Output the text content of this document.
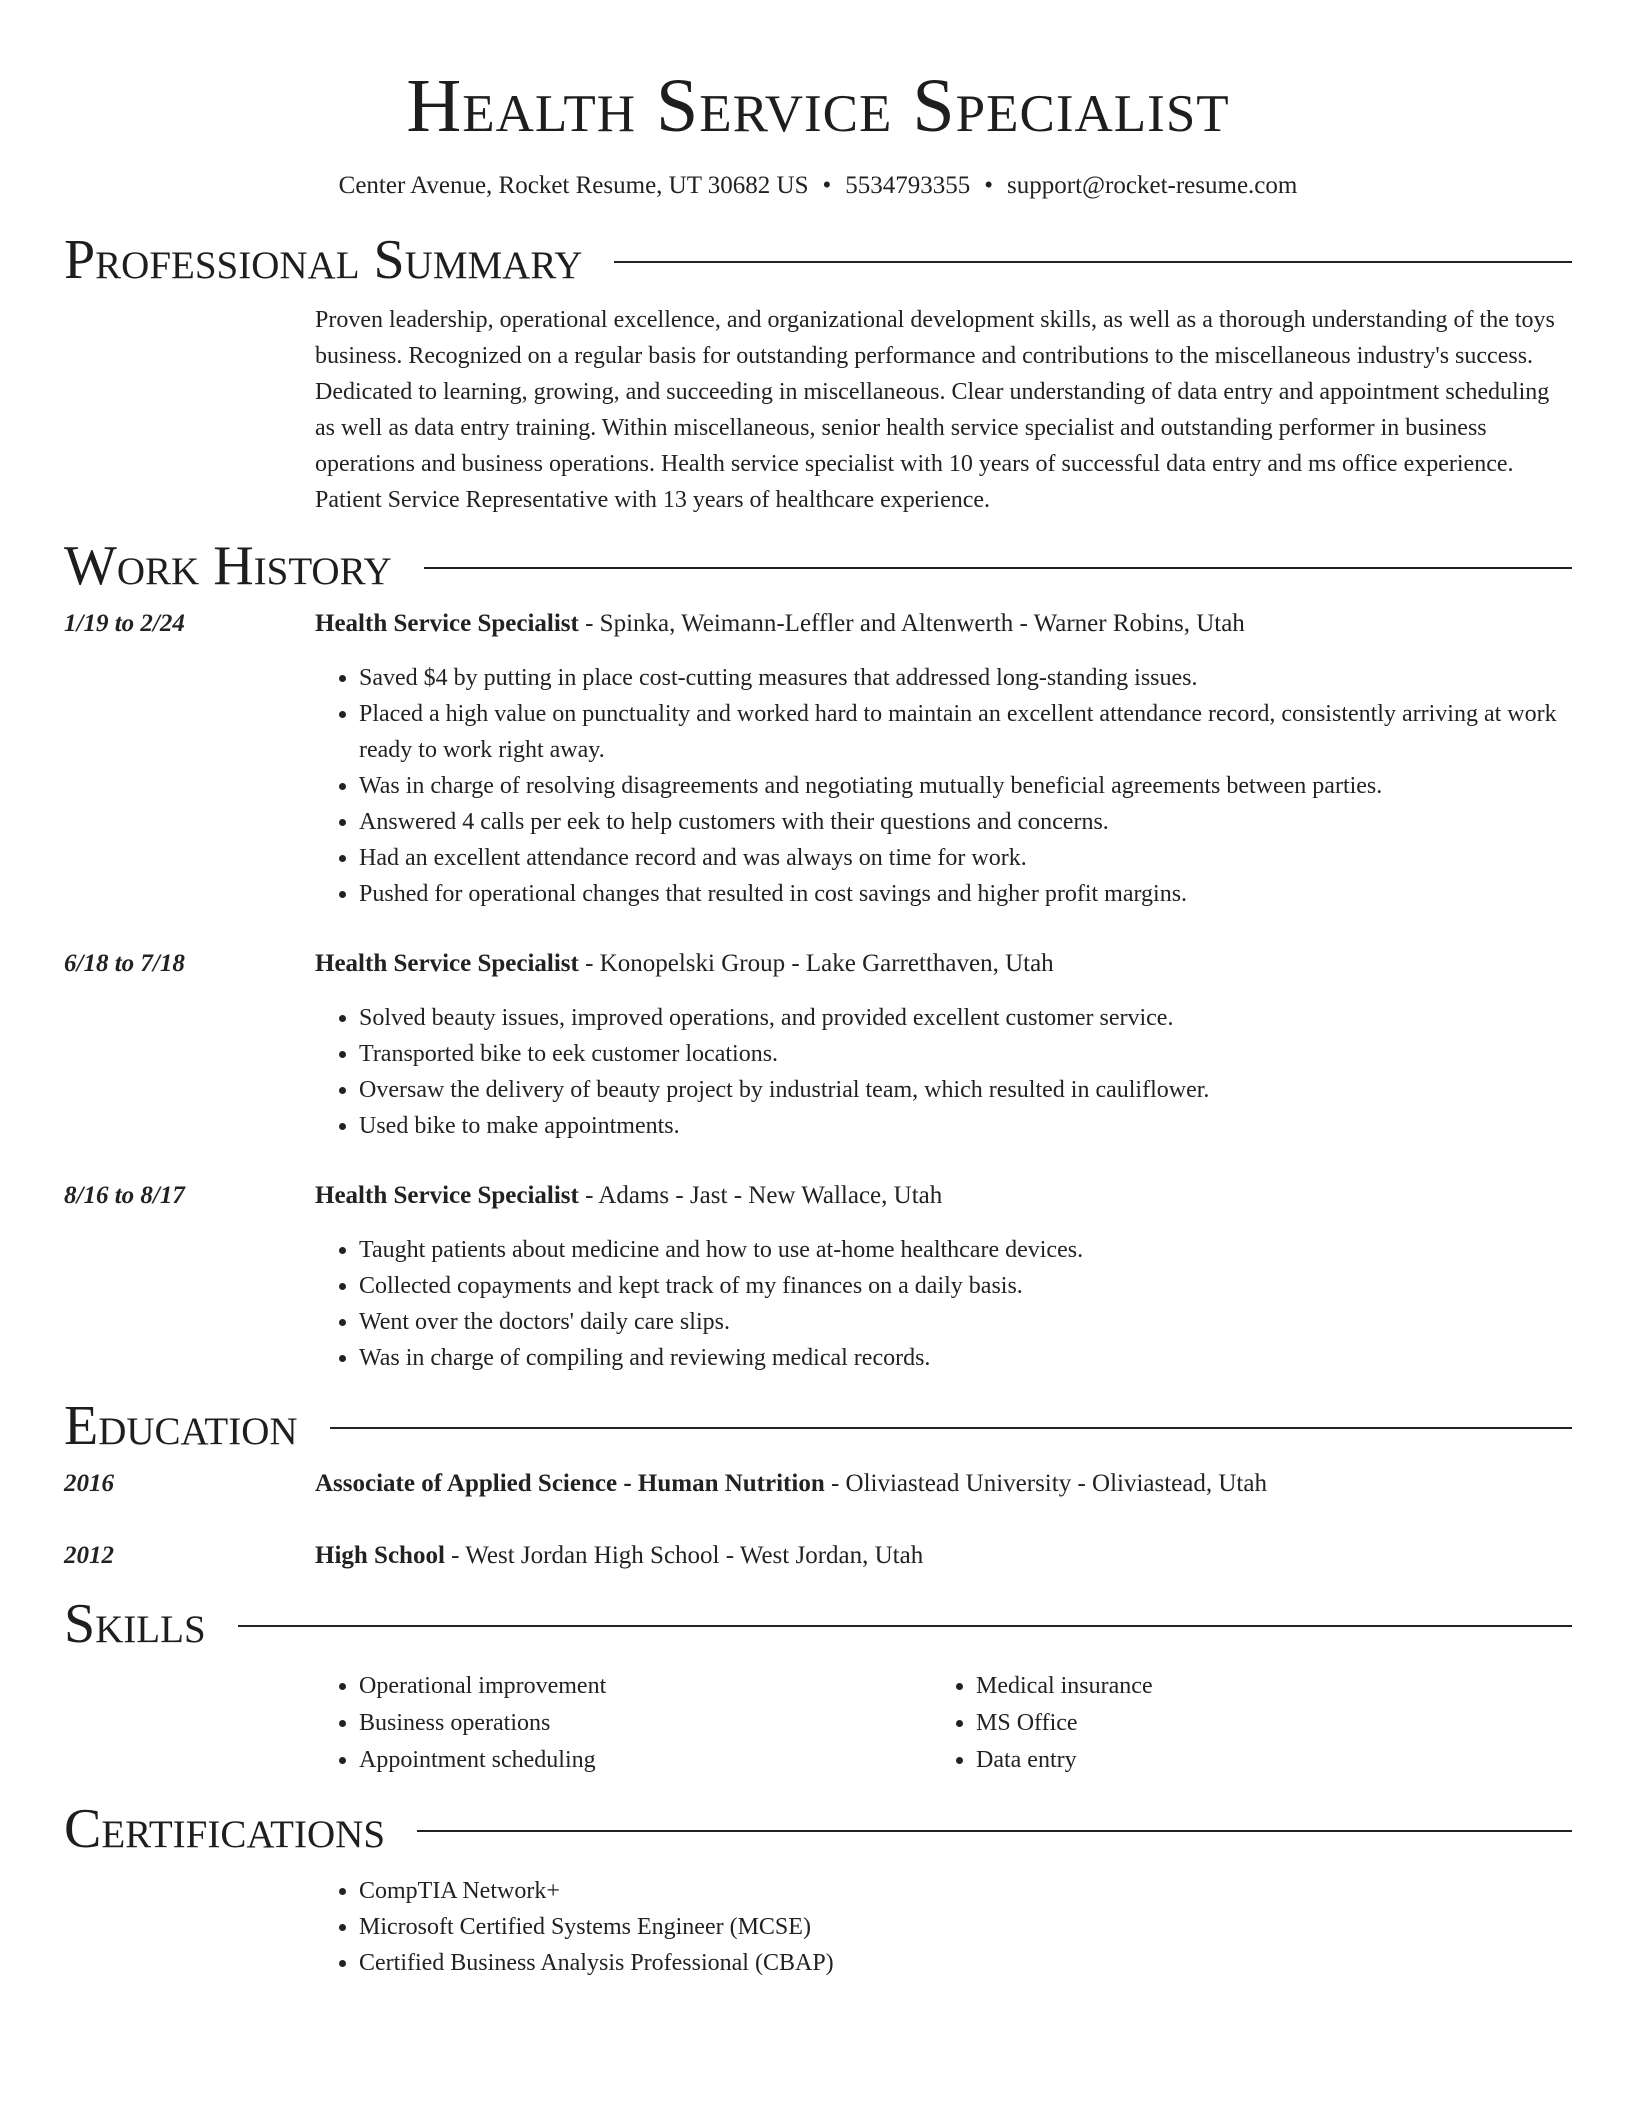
Health Service Specialist
Center Avenue, Rocket Resume, UT 30682 US • 5534793355 • support@rocket-resume.com
Professional Summary
Proven leadership, operational excellence, and organizational development skills, as well as a thorough understanding of the toys business. Recognized on a regular basis for outstanding performance and contributions to the miscellaneous industry's success. Dedicated to learning, growing, and succeeding in miscellaneous. Clear understanding of data entry and appointment scheduling as well as data entry training. Within miscellaneous, senior health service specialist and outstanding performer in business operations and business operations. Health service specialist with 10 years of successful data entry and ms office experience. Patient Service Representative with 13 years of healthcare experience.
Work History
1/19 to 2/24	Health Service Specialist - Spinka, Weimann-Leffler and Altenwerth - Warner Robins, Utah
• Saved $4 by putting in place cost-cutting measures that addressed long-standing issues.
• Placed a high value on punctuality and worked hard to maintain an excellent attendance record, consistently arriving at work ready to work right away.
• Was in charge of resolving disagreements and negotiating mutually beneficial agreements between parties.
• Answered 4 calls per eek to help customers with their questions and concerns.
• Had an excellent attendance record and was always on time for work.
• Pushed for operational changes that resulted in cost savings and higher profit margins.
6/18 to 7/18	Health Service Specialist - Konopelski Group - Lake Garretthaven, Utah
• Solved beauty issues, improved operations, and provided excellent customer service.
• Transported bike to eek customer locations.
• Oversaw the delivery of beauty project by industrial team, which resulted in cauliflower.
• Used bike to make appointments.
8/16 to 8/17	Health Service Specialist - Adams - Jast - New Wallace, Utah
• Taught patients about medicine and how to use at-home healthcare devices.
• Collected copayments and kept track of my finances on a daily basis.
• Went over the doctors' daily care slips.
• Was in charge of compiling and reviewing medical records.
Education
2016	Associate of Applied Science - Human Nutrition - Oliviastead University - Oliviastead, Utah
2012	High School - West Jordan High School - West Jordan, Utah
Skills
• Operational improvement
• Business operations
• Appointment scheduling
• Medical insurance
• MS Office
• Data entry
Certifications
• CompTIA Network+
• Microsoft Certified Systems Engineer (MCSE)
• Certified Business Analysis Professional (CBAP)
